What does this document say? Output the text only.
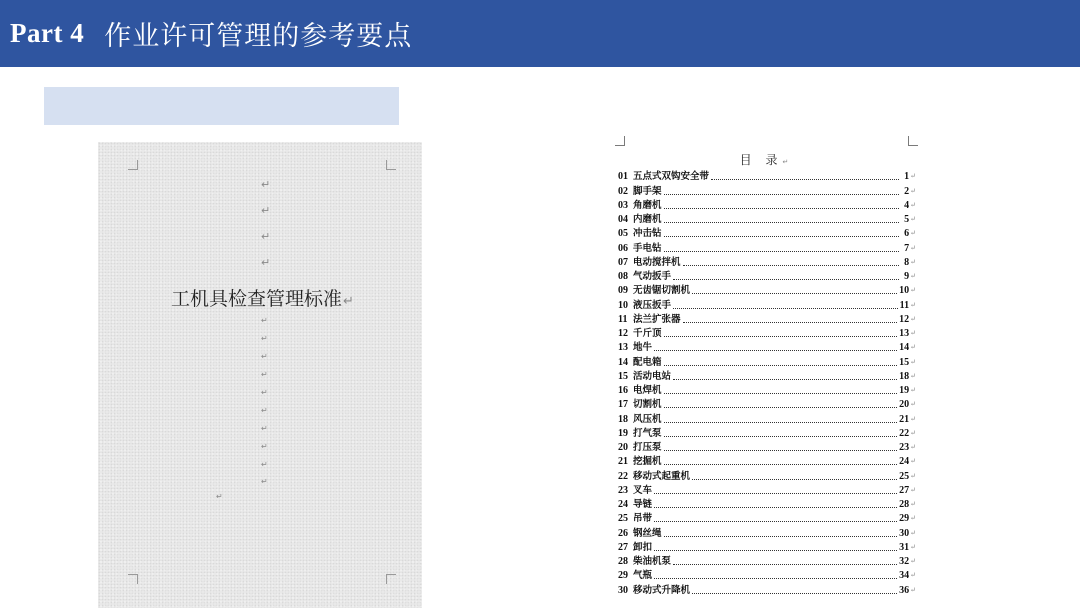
Part 4 作业许可管理的参考要点
↵
↵
↵
↵
工机具检查管理标准↵
↵
↵
↵
↵
↵
↵
↵
↵
↵
↵
↵
目 录↵
01 五点式双钩安全带	1 ↵
02 脚手架	2 ↵
03 角磨机	4 ↵
04 内磨机	5 ↵
05 冲击钻	6 ↵
06 手电钻	7 ↵
07 电动搅拌机	8 ↵
08 气动扳手	9 ↵
09 无齿锯切割机	10 ↵
10 液压扳手	11 ↵
11 法兰扩张器	12 ↵
12 千斤顶	13 ↵
13 地牛	14 ↵
14 配电箱	15 ↵
15 活动电站	18 ↵
16 电焊机	19 ↵
17 切割机	20 ↵
18 风压机	21 ↵
19 打气泵	22 ↵
20 打压泵	23 ↵
21 挖掘机	24 ↵
22 移动式起重机	25 ↵
23 叉车	27 ↵
24 导链	28 ↵
25 吊带	29 ↵
26 钢丝绳	30 ↵
27 卸扣	31 ↵
28 柴油机泵	32 ↵
29 气瓶	34 ↵
30 移动式升降机	36 ↵
